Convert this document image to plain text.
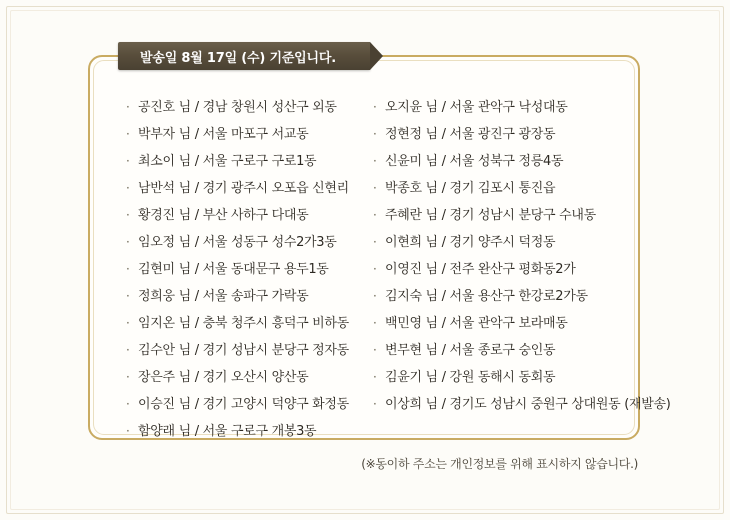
· 공진호 님 / 경남 창원시 성산구 외동
· 박부자 님 / 서울 마포구 서교동
· 최소이 님 / 서울 구로구 구로1동
· 남반석 님 / 경기 광주시 오포읍 신현리
· 황경진 님 / 부산 사하구 다대동
· 임오정 님 / 서울 성동구 성수2가3동
· 김현미 님 / 서울 동대문구 용두1동
· 정희웅 님 / 서울 송파구 가락동
· 임지온 님 / 충북 청주시 흥덕구 비하동
· 김수안 님 / 경기 성남시 분당구 정자동
· 장은주 님 / 경기 오산시 양산동
· 이승진 님 / 경기 고양시 덕양구 화정동
· 함양래 님 / 서울 구로구 개봉3동
· 오지윤 님 / 서울 관악구 낙성대동
· 정현정 님 / 서울 광진구 광장동
· 신윤미 님 / 서울 성북구 정릉4동
· 박종호 님 / 경기 김포시 통진읍
· 주혜란 님 / 경기 성남시 분당구 수내동
· 이현희 님 / 경기 양주시 덕정동
· 이영진 님 / 전주 완산구 평화동2가
· 김지숙 님 / 서울 용산구 한강로2가동
· 백민영 님 / 서울 관악구 보라매동
· 변무현 님 / 서울 종로구 숭인동
· 김윤기 님 / 강원 동해시 동회동
· 이상희 님 / 경기도 성남시 중원구 상대원동 (재발송)
발송일 8월 17일 (수) 기준입니다.
(※동이하 주소는 개인정보를 위해 표시하지 않습니다.)
